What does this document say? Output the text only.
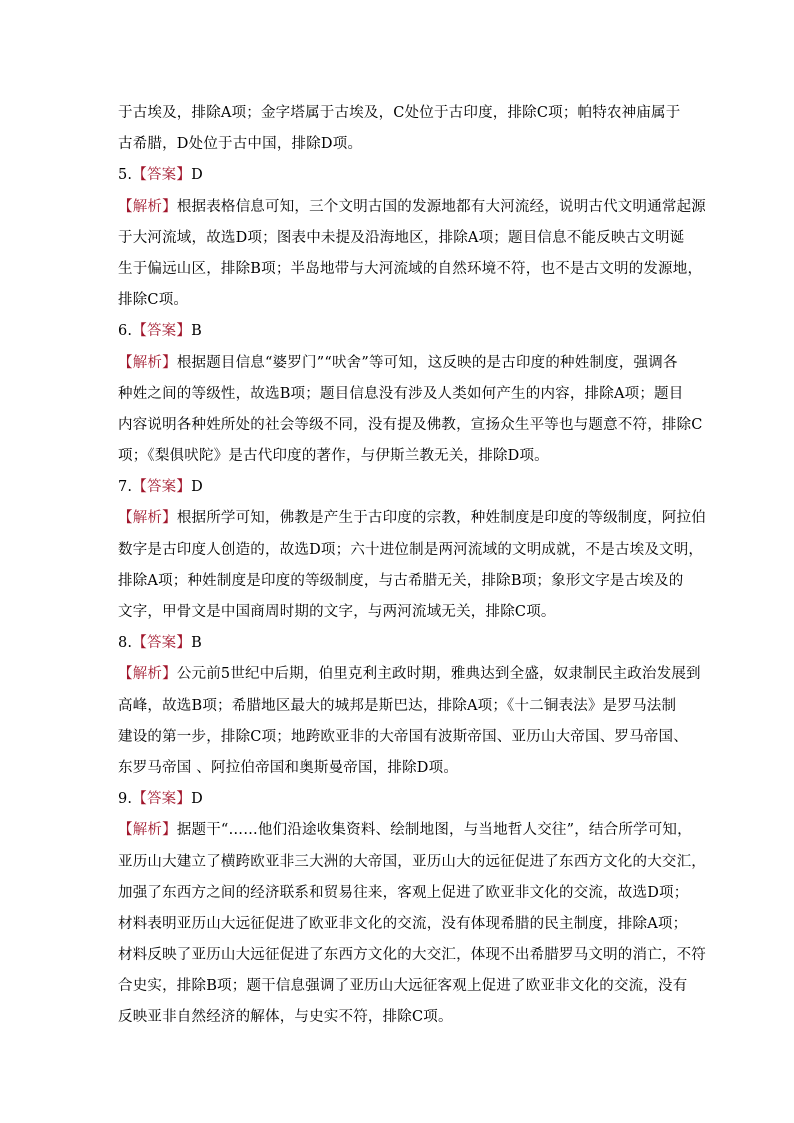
于古埃及，排除A项；金字塔属于古埃及，C处位于古印度，排除C项；帕特农神庙属于
古希腊，D处位于古中国，排除D项。
5.【答案】D
【解析】根据表格信息可知，三个文明古国的发源地都有大河流经，说明古代文明通常起源
于大河流域，故选D项；图表中未提及沿海地区，排除A项；题目信息不能反映古文明诞
生于偏远山区，排除B项；半岛地带与大河流域的自然环境不符，也不是古文明的发源地，
排除C项。
6.【答案】B
【解析】根据题目信息“婆罗门”“吠舍”等可知，这反映的是古印度的种姓制度，强调各
种姓之间的等级性，故选B项；题目信息没有涉及人类如何产生的内容，排除A项；题目
内容说明各种姓所处的社会等级不同，没有提及佛教，宣扬众生平等也与题意不符，排除C
项；《梨俱吠陀》是古代印度的著作，与伊斯兰教无关，排除D项。
7.【答案】D
【解析】根据所学可知，佛教是产生于古印度的宗教，种姓制度是印度的等级制度，阿拉伯
数字是古印度人创造的，故选D项；六十进位制是两河流域的文明成就，不是古埃及文明，
排除A项；种姓制度是印度的等级制度，与古希腊无关，排除B项；象形文字是古埃及的
文字，甲骨文是中国商周时期的文字，与两河流域无关，排除C项。
8.【答案】B
【解析】公元前5世纪中后期，伯里克利主政时期，雅典达到全盛，奴隶制民主政治发展到
高峰，故选B项；希腊地区最大的城邦是斯巴达，排除A项；《十二铜表法》是罗马法制
建设的第一步，排除C项；地跨欧亚非的大帝国有波斯帝国、亚历山大帝国、罗马帝国、
东罗马帝国 、阿拉伯帝国和奥斯曼帝国，排除D项。
9.【答案】D
【解析】据题干“……他们沿途收集资料、绘制地图，与当地哲人交往”，结合所学可知，
亚历山大建立了横跨欧亚非三大洲的大帝国，亚历山大的远征促进了东西方文化的大交汇，
加强了东西方之间的经济联系和贸易往来，客观上促进了欧亚非文化的交流，故选D项；
材料表明亚历山大远征促进了欧亚非文化的交流，没有体现希腊的民主制度，排除A项；
材料反映了亚历山大远征促进了东西方文化的大交汇，体现不出希腊罗马文明的消亡，不符
合史实，排除B项；题干信息强调了亚历山大远征客观上促进了欧亚非文化的交流，没有
反映亚非自然经济的解体，与史实不符，排除C项。
